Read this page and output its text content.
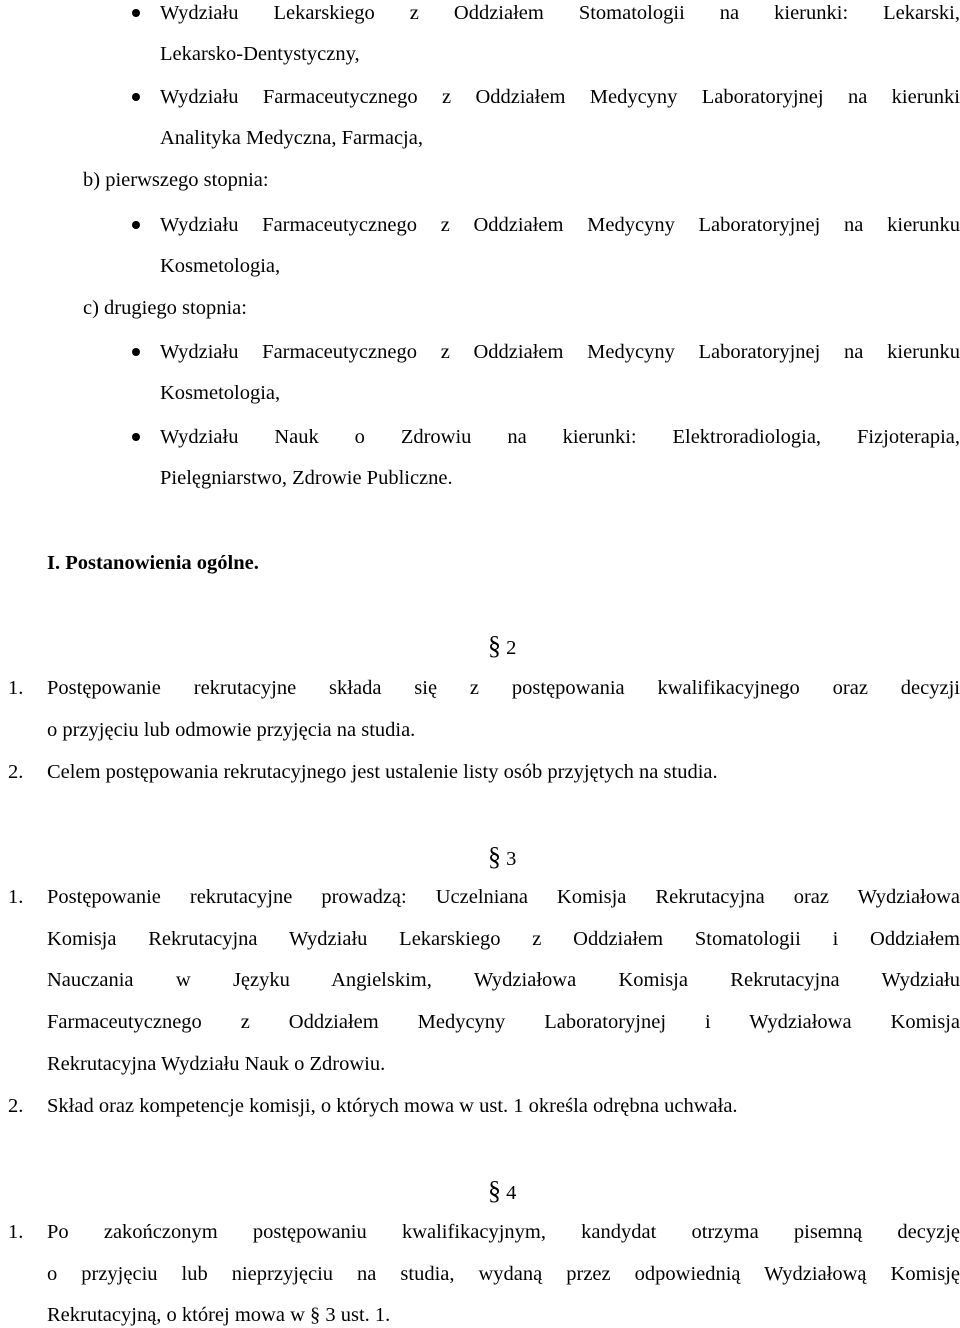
Wydziału Lekarskiego z Oddziałem Stomatologii na kierunki: Lekarski,
Lekarsko-Dentystyczny,
Wydziału Farmaceutycznego z Oddziałem Medycyny Laboratoryjnej na kierunki
Analityka Medyczna, Farmacja,
b) pierwszego stopnia:
Wydziału Farmaceutycznego z Oddziałem Medycyny Laboratoryjnej na kierunku
Kosmetologia,
c) drugiego stopnia:
Wydziału Farmaceutycznego z Oddziałem Medycyny Laboratoryjnej na kierunku
Kosmetologia,
Wydziału Nauk o Zdrowiu na kierunki: Elektroradiologia, Fizjoterapia,
Pielęgniarstwo, Zdrowie Publiczne.
I. Postanowienia ogólne.
§ 2
1. Postępowanie rekrutacyjne składa się z postępowania kwalifikacyjnego oraz decyzji
o przyjęciu lub odmowie przyjęcia na studia.
2. Celem postępowania rekrutacyjnego jest ustalenie listy osób przyjętych na studia.
§ 3
1. Postępowanie rekrutacyjne prowadzą: Uczelniana Komisja Rekrutacyjna oraz Wydziałowa
Komisja Rekrutacyjna Wydziału Lekarskiego z Oddziałem Stomatologii i Oddziałem
Nauczania w Języku Angielskim, Wydziałowa Komisja Rekrutacyjna Wydziału
Farmaceutycznego z Oddziałem Medycyny Laboratoryjnej i Wydziałowa Komisja
Rekrutacyjna Wydziału Nauk o Zdrowiu.
2. Skład oraz kompetencje komisji, o których mowa w ust. 1 określa odrębna uchwała.
§ 4
1. Po zakończonym postępowaniu kwalifikacyjnym, kandydat otrzyma pisemną decyzję
o przyjęciu lub nieprzyjęciu na studia, wydaną przez odpowiednią Wydziałową Komisję
Rekrutacyjną, o której mowa w § 3 ust. 1.
